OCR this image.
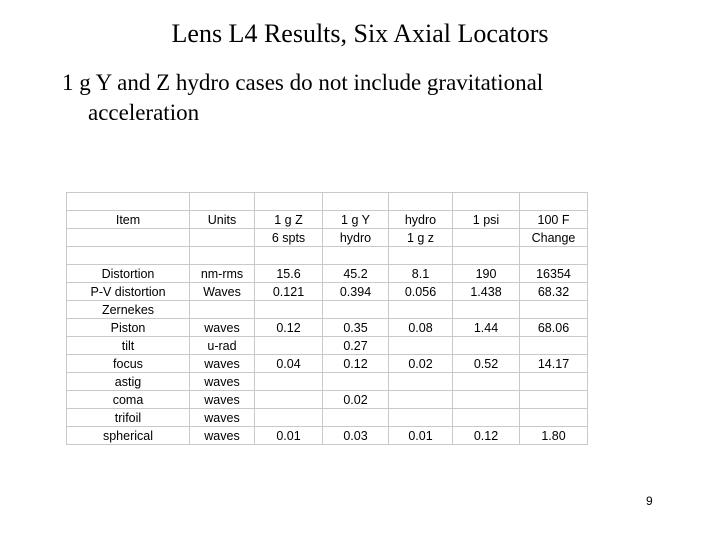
Lens L4 Results, Six Axial Locators
1 g Y and Z hydro cases do not include gravitational
acceleration

Item	Units	1 g Z	1 g Y	hydro	1 psi	100 F
		6 spts	hydro	1 g z		Change

Distortion	nm-rms	15.6	45.2	8.1	190	16354
P-V distortion	Waves	0.121	0.394	0.056	1.438	68.32
Zernekes						
Piston	waves	0.12	0.35	0.08	1.44	68.06
tilt	u-rad		0.27			
focus	waves	0.04	0.12	0.02	0.52	14.17
astig	waves					
coma	waves		0.02			
trifoil	waves					
spherical	waves	0.01	0.03	0.01	0.12	1.80
9
